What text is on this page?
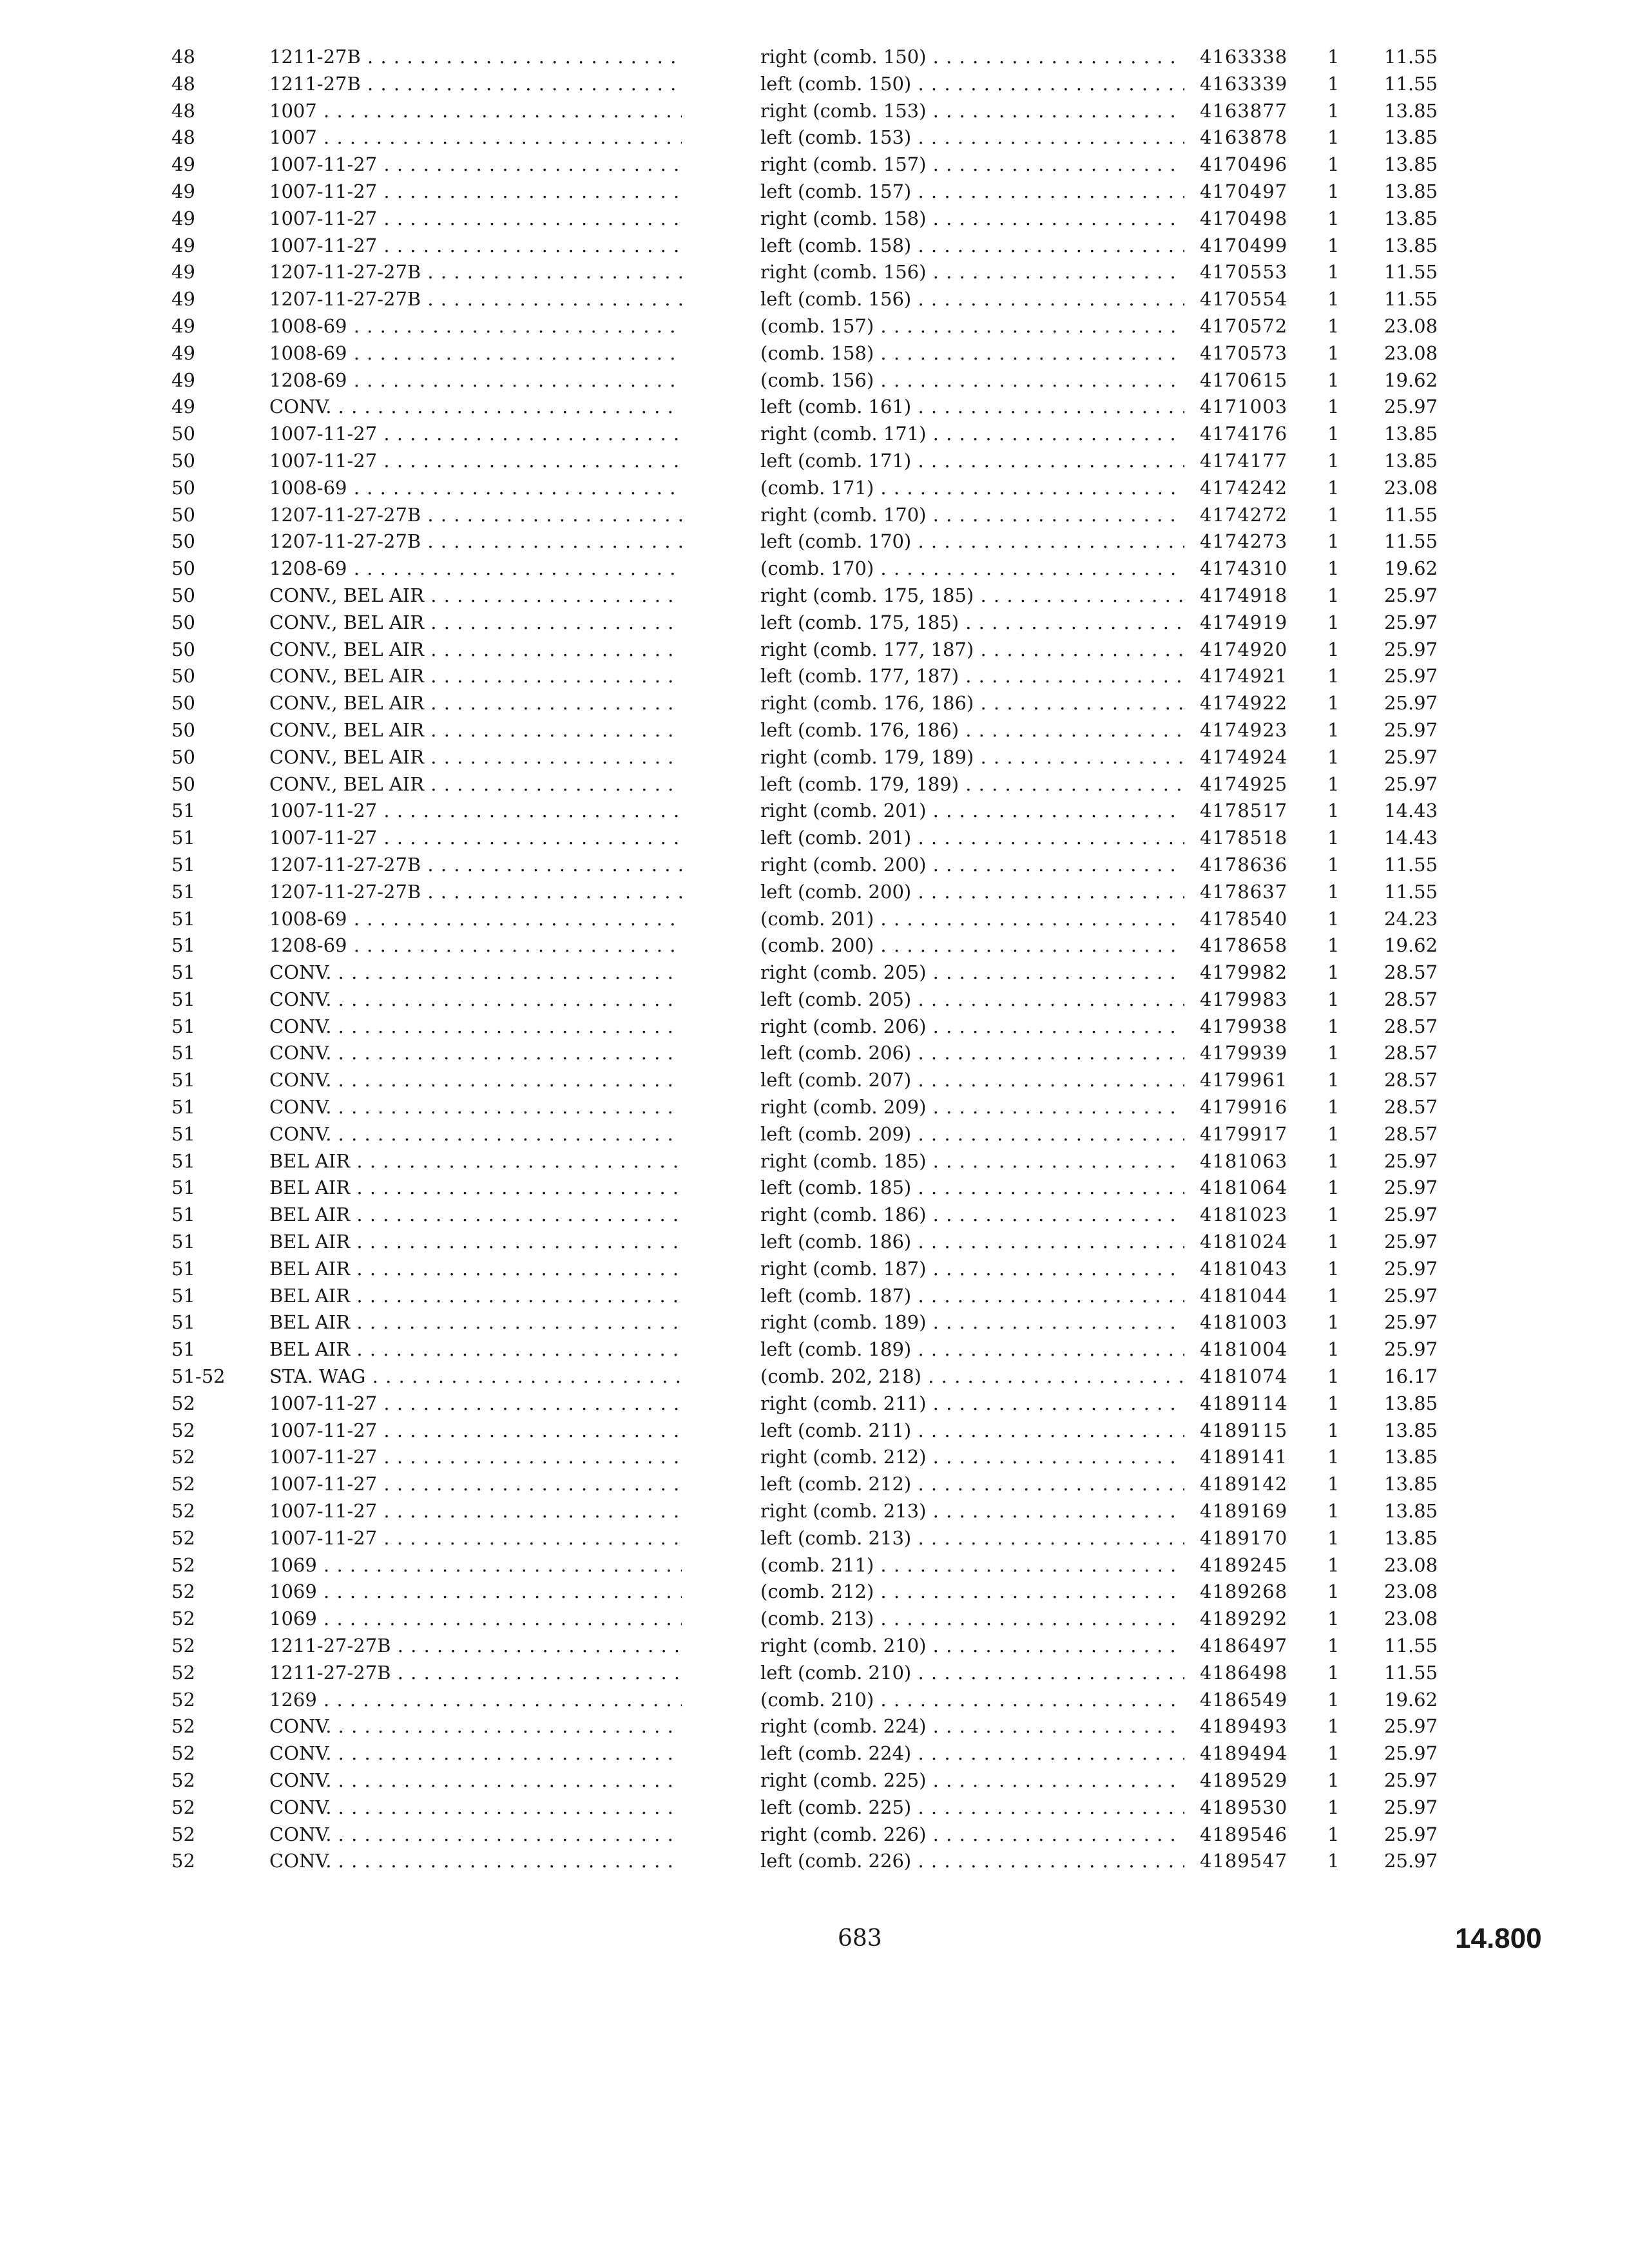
48	1211-27B . . .	right (comb. 150) . . .	4163338	1	11.55
48	1211-27B . . .	left (comb. 150) . . .	4163339	1	11.55
48	1007 . . .	right (comb. 153) . . .	4163877	1	13.85
48	1007 . . .	left (comb. 153) . . .	4163878	1	13.85
49	1007-11-27 . . .	right (comb. 157) . . .	4170496	1	13.85
49	1007-11-27 . . .	left (comb. 157) . . .	4170497	1	13.85
49	1007-11-27 . . .	right (comb. 158) . . .	4170498	1	13.85
49	1007-11-27 . . .	left (comb. 158) . . .	4170499	1	13.85
49	1207-11-27-27B . . .	right (comb. 156) . . .	4170553	1	11.55
49	1207-11-27-27B . . .	left (comb. 156) . . .	4170554	1	11.55
49	1008-69 . . .	(comb. 157) . . .	4170572	1	23.08
49	1008-69 . . .	(comb. 158) . . .	4170573	1	23.08
49	1208-69 . . .	(comb. 156) . . .	4170615	1	19.62
49	CONV. . . .	left (comb. 161) . . .	4171003	1	25.97
50	1007-11-27 . . .	right (comb. 171) . . .	4174176	1	13.85
50	1007-11-27 . . .	left (comb. 171) . . .	4174177	1	13.85
50	1008-69 . . .	(comb. 171) . . .	4174242	1	23.08
50	1207-11-27-27B . . .	right (comb. 170) . . .	4174272	1	11.55
50	1207-11-27-27B . . .	left (comb. 170) . . .	4174273	1	11.55
50	1208-69 . . .	(comb. 170) . . .	4174310	1	19.62
50	CONV., BEL AIR . . .	right (comb. 175, 185) . . .	4174918	1	25.97
50	CONV., BEL AIR . . .	left (comb. 175, 185) . . .	4174919	1	25.97
50	CONV., BEL AIR . . .	right (comb. 177, 187) . . .	4174920	1	25.97
50	CONV., BEL AIR . . .	left (comb. 177, 187) . . .	4174921	1	25.97
50	CONV., BEL AIR . . .	right (comb. 176, 186) . . .	4174922	1	25.97
50	CONV., BEL AIR . . .	left (comb. 176, 186) . . .	4174923	1	25.97
50	CONV., BEL AIR . . .	right (comb. 179, 189) . . .	4174924	1	25.97
50	CONV., BEL AIR . . .	left (comb. 179, 189) . . .	4174925	1	25.97
51	1007-11-27 . . .	right (comb. 201) . . .	4178517	1	14.43
51	1007-11-27 . . .	left (comb. 201) . . .	4178518	1	14.43
51	1207-11-27-27B . . .	right (comb. 200) . . .	4178636	1	11.55
51	1207-11-27-27B . . .	left (comb. 200) . . .	4178637	1	11.55
51	1008-69 . . .	(comb. 201) . . .	4178540	1	24.23
51	1208-69 . . .	(comb. 200) . . .	4178658	1	19.62
51	CONV. . . .	right (comb. 205) . . .	4179982	1	28.57
51	CONV. . . .	left (comb. 205) . . .	4179983	1	28.57
51	CONV. . . .	right (comb. 206) . . .	4179938	1	28.57
51	CONV. . . .	left (comb. 206) . . .	4179939	1	28.57
51	CONV. . . .	left (comb. 207) . . .	4179961	1	28.57
51	CONV. . . .	right (comb. 209) . . .	4179916	1	28.57
51	CONV. . . .	left (comb. 209) . . .	4179917	1	28.57
51	BEL AIR . . .	right (comb. 185) . . .	4181063	1	25.97
51	BEL AIR . . .	left (comb. 185) . . .	4181064	1	25.97
51	BEL AIR . . .	right (comb. 186) . . .	4181023	1	25.97
51	BEL AIR . . .	left (comb. 186) . . .	4181024	1	25.97
51	BEL AIR . . .	right (comb. 187) . . .	4181043	1	25.97
51	BEL AIR . . .	left (comb. 187) . . .	4181044	1	25.97
51	BEL AIR . . .	right (comb. 189) . . .	4181003	1	25.97
51	BEL AIR . . .	left (comb. 189) . . .	4181004	1	25.97
51-52	STA. WAG . . .	(comb. 202, 218) . . .	4181074	1	16.17
52	1007-11-27 . . .	right (comb. 211) . . .	4189114	1	13.85
52	1007-11-27 . . .	left (comb. 211) . . .	4189115	1	13.85
52	1007-11-27 . . .	right (comb. 212) . . .	4189141	1	13.85
52	1007-11-27 . . .	left (comb. 212) . . .	4189142	1	13.85
52	1007-11-27 . . .	right (comb. 213) . . .	4189169	1	13.85
52	1007-11-27 . . .	left (comb. 213) . . .	4189170	1	13.85
52	1069 . . .	(comb. 211) . . .	4189245	1	23.08
52	1069 . . .	(comb. 212) . . .	4189268	1	23.08
52	1069 . . .	(comb. 213) . . .	4189292	1	23.08
52	1211-27-27B . . .	right (comb. 210) . . .	4186497	1	11.55
52	1211-27-27B . . .	left (comb. 210) . . .	4186498	1	11.55
52	1269 . . .	(comb. 210) . . .	4186549	1	19.62
52	CONV. . . .	right (comb. 224) . . .	4189493	1	25.97
52	CONV. . . .	left (comb. 224) . . .	4189494	1	25.97
52	CONV. . . .	right (comb. 225) . . .	4189529	1	25.97
52	CONV. . . .	left (comb. 225) . . .	4189530	1	25.97
52	CONV. . . .	right (comb. 226) . . .	4189546	1	25.97
52	CONV. . . .	left (comb. 226) . . .	4189547	1	25.97
683	14.800
